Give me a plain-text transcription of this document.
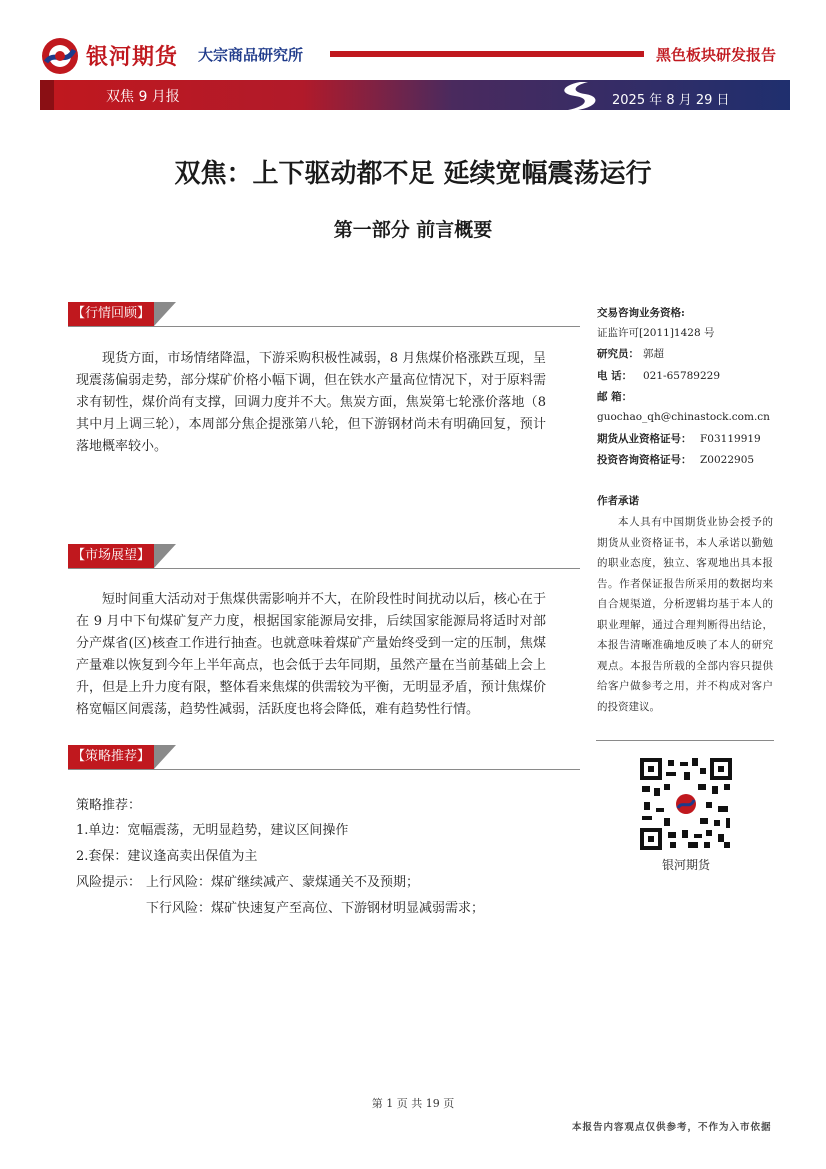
银河期货 大宗商品研究所	黑色板块研发报告
双焦 9 月报	2025 年 8 月 29 日
双焦：上下驱动都不足 延续宽幅震荡运行
第一部分 前言概要
【行情回顾】
现货方面，市场情绪降温，下游采购积极性减弱，8 月焦煤价格涨跌互现，呈现震荡偏弱走势，部分煤矿价格小幅下调，但在铁水产量高位情况下，对于原料需求有韧性，煤价尚有支撑，回调力度并不大。焦炭方面，焦炭第七轮涨价落地（8 其中月上调三轮），本周部分焦企提涨第八轮，但下游钢材尚未有明确回复，预计落地概率较小。
【市场展望】
短时间重大活动对于焦煤供需影响并不大，在阶段性时间扰动以后，核心在于在 9 月中下旬煤矿复产力度，根据国家能源局安排，后续国家能源局将适时对部分产煤省(区)核查工作进行抽查。也就意味着煤矿产量始终受到一定的压制，焦煤产量难以恢复到今年上半年高点，也会低于去年同期，虽然产量在当前基础上会上升，但是上升力度有限，整体看来焦煤的供需较为平衡，无明显矛盾，预计焦煤价格宽幅区间震荡，趋势性减弱，活跃度也将会降低，难有趋势性行情。
【策略推荐】
策略推荐：
1.单边：宽幅震荡，无明显趋势，建议区间操作
2.套保：建议逢高卖出保值为主
风险提示： 上行风险：煤矿继续减产、蒙煤通关不及预期；
下行风险：煤矿快速复产至高位、下游钢材明显减弱需求；
交易咨询业务资格:
证监许可[2011]1428 号
研究员： 郭超
电 话： 021-65789229
邮 箱：
guochao_qh@chinastock.com.cn
期货从业资格证号： F03119919
投资咨询资格证号： Z0022905
作者承诺
本人具有中国期货业协会授予的期货从业资格证书，本人承诺以勤勉的职业态度，独立、客观地出具本报告。作者保证报告所采用的数据均来自合规渠道，分析逻辑均基于本人的职业理解，通过合理判断得出结论，本报告清晰准确地反映了本人的研究观点。本报告所载的全部内容只提供给客户做参考之用，并不构成对客户的投资建议。
银河期货
第 1 页 共 19 页
本报告内容观点仅供参考，不作为入市依据
